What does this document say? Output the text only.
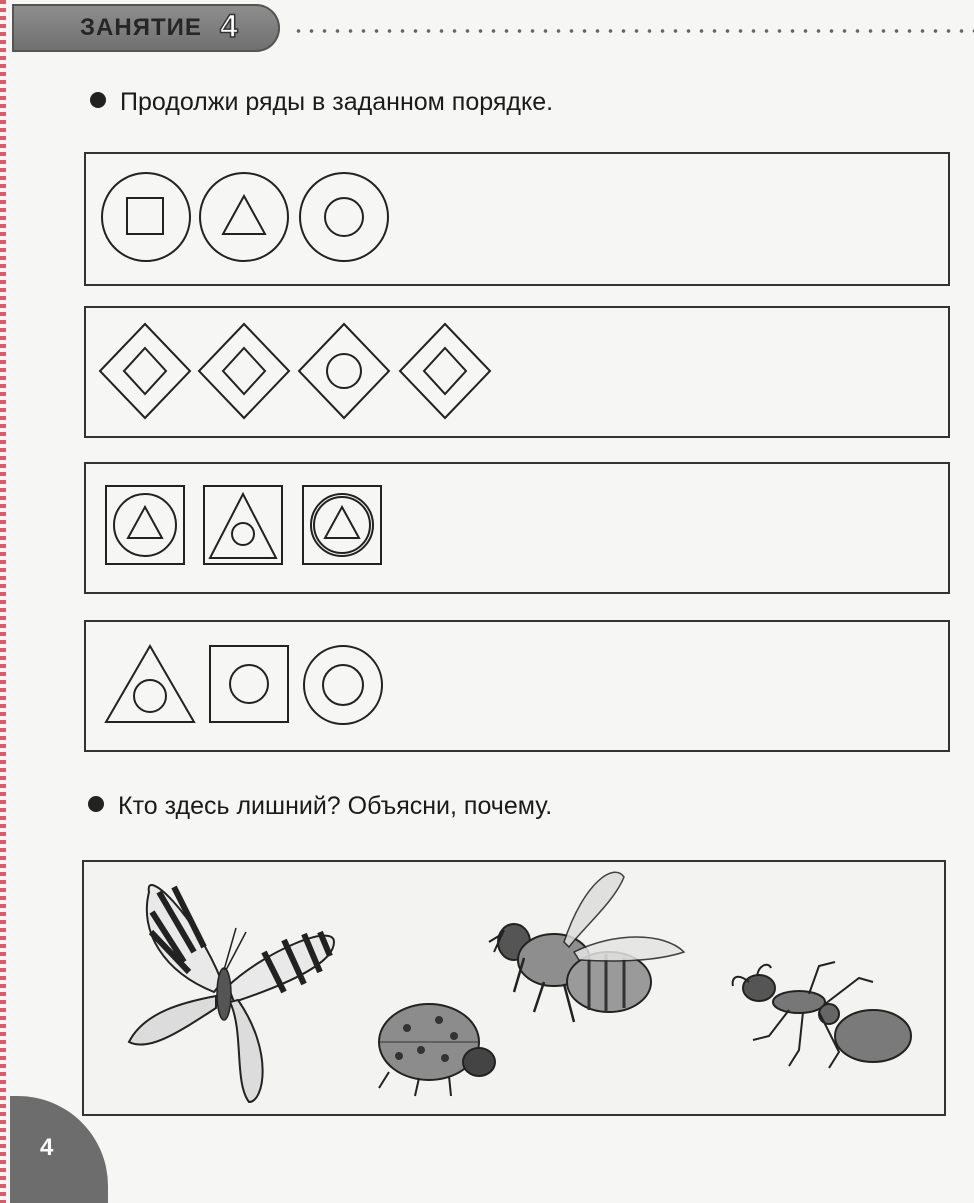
ЗАНЯТИЕ 4
Продолжи ряды в заданном порядке.
Кто здесь лишний? Объясни, почему.
4
